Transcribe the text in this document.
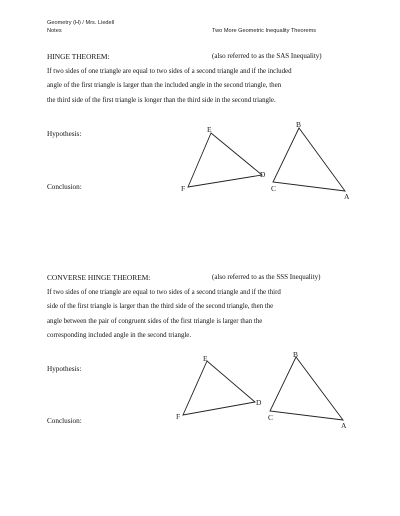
Geometry (H) / Mrs. Liedell
Notes	Two More Geometric Inequality Theorems
HINGE THEOREM:	(also referred to as the SAS Inequality)
If two sides of one triangle are equal to two sides of a second triangle and if the included
angle of the first triangle is larger than the included angle in the second triangle, then
the third side of the first triangle is longer than the third side in the second triangle.
Hypothesis:
Conclusion:
E
F
D
B
C
A
CONVERSE HINGE THEOREM:	(also referred to as the SSS Inequality)
If two sides of one triangle are equal to two sides of a second triangle and if the third
side of the first triangle is larger than the third side of the second triangle, then the
angle between the pair of congruent sides of the first triangle is larger than the
corresponding included angle in the second triangle.
Hypothesis:
Conclusion:
E
F
D
B
C
A
